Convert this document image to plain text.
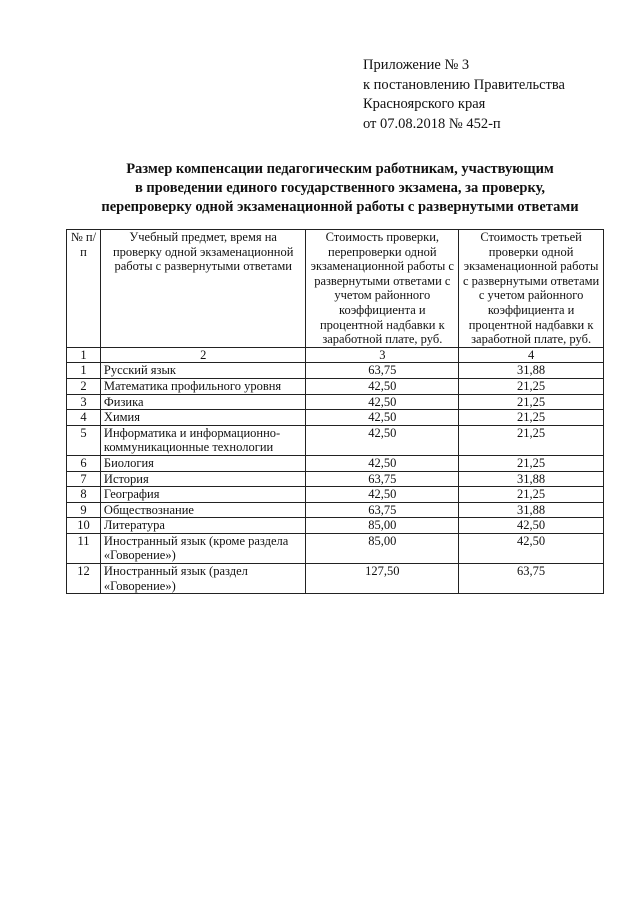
Приложение № 3
к постановлению Правительства
Красноярского края
от 07.08.2018 № 452-п
Размер компенсации педагогическим работникам, участвующим
в проведении единого государственного экзамена, за проверку,
перепроверку одной экзаменационной работы с развернутыми ответами
№ п/п	Учебный предмет, время на проверку одной экзаменационной работы с развернутыми ответами	Стоимость проверки, перепроверки одной экзаменационной работы с развернутыми ответами с учетом районного коэффициента и процентной надбавки к заработной плате, руб.	Стоимость третьей проверки одной экзаменационной работы с развернутыми ответами с учетом районного коэффициента и процентной надбавки к заработной плате, руб.
1	2	3	4
1	Русский язык	63,75	31,88
2	Математика профильного уровня	42,50	21,25
3	Физика	42,50	21,25
4	Химия	42,50	21,25
5	Информатика и информационно-коммуникационные технологии	42,50	21,25
6	Биология	42,50	21,25
7	История	63,75	31,88
8	География	42,50	21,25
9	Обществознание	63,75	31,88
10	Литература	85,00	42,50
11	Иностранный язык (кроме раздела «Говорение»)	85,00	42,50
12	Иностранный язык (раздел «Говорение»)	127,50	63,75
